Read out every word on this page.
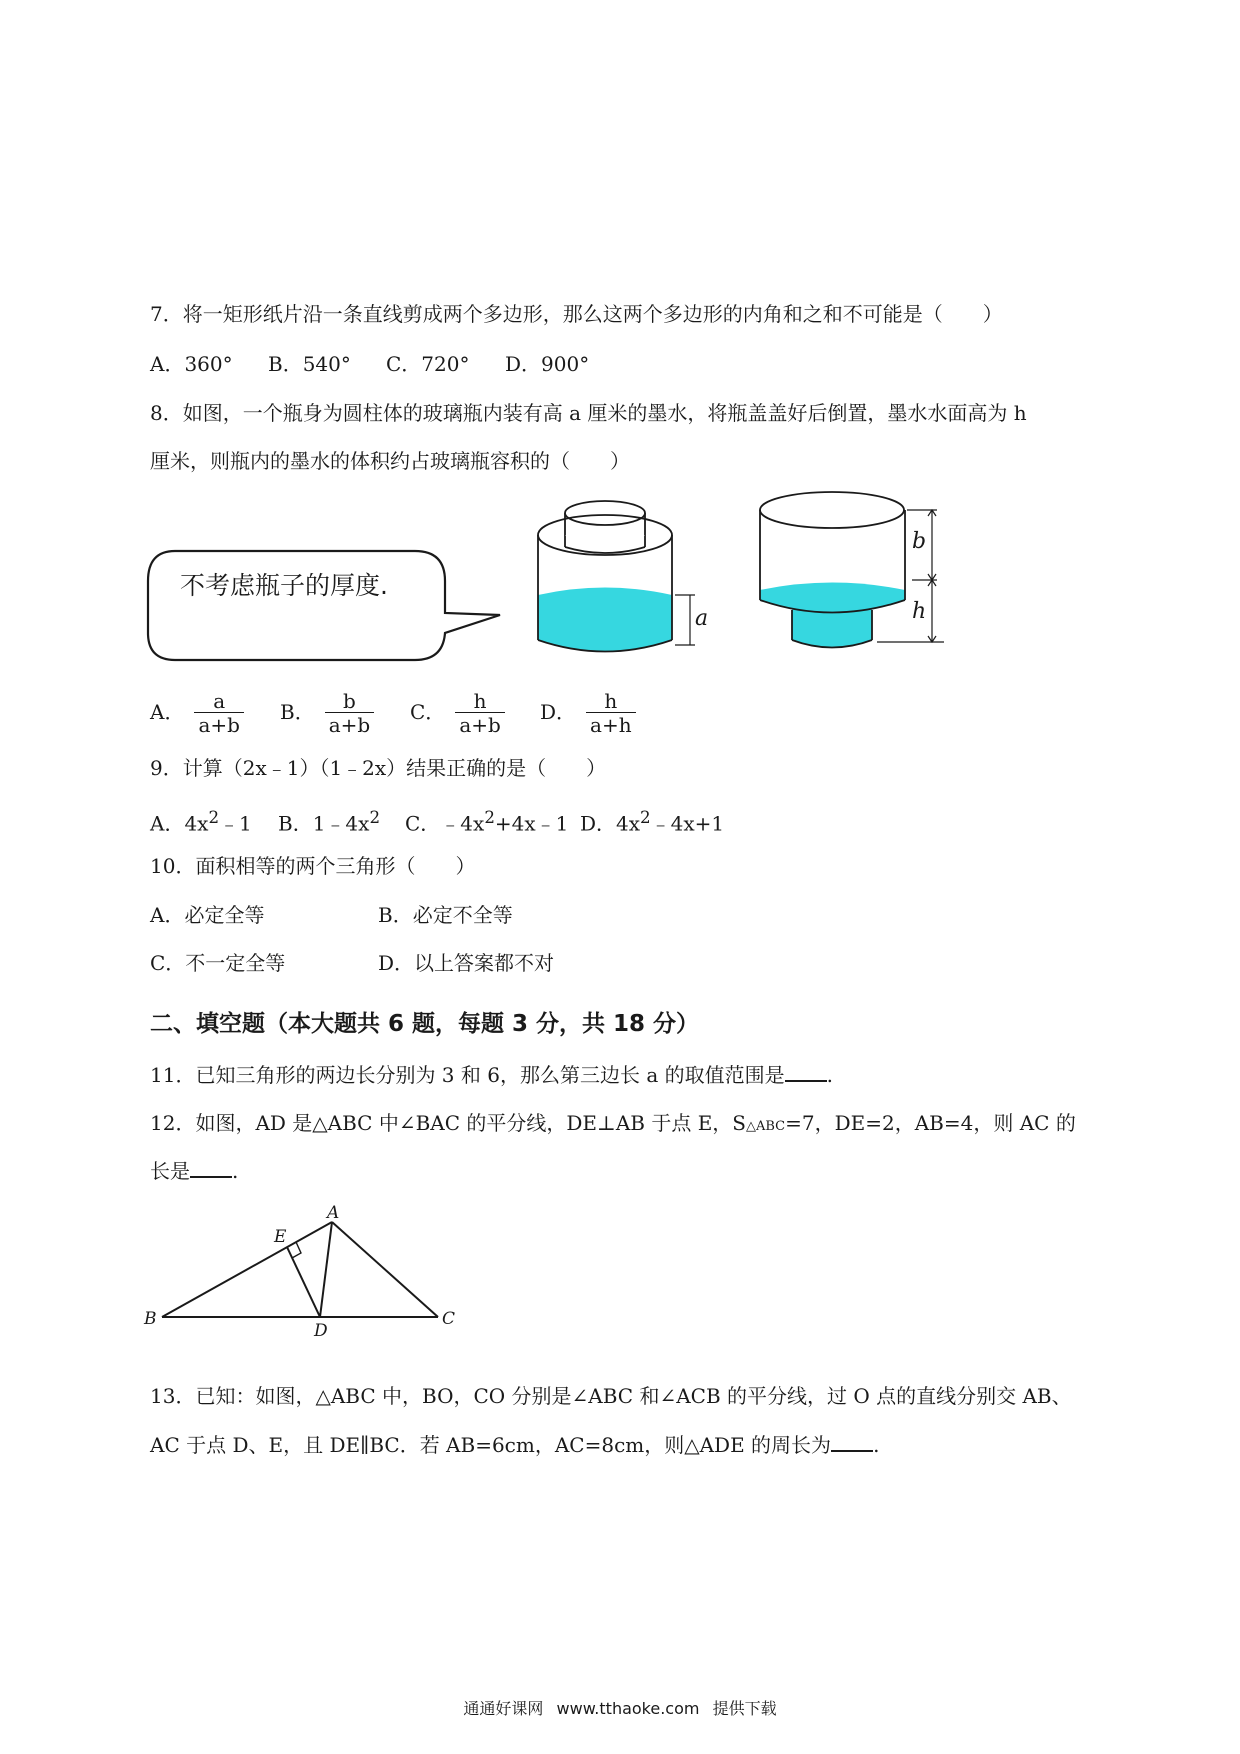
7．将一矩形纸片沿一条直线剪成两个多边形，那么这两个多边形的内角和之和不可能是（　　）
A．360° B．540° C．720° D．900°
8．如图，一个瓶身为圆柱体的玻璃瓶内装有高 a 厘米的墨水，将瓶盖盖好后倒置，墨水水面高为 h
厘米，则瓶内的墨水的体积约占玻璃瓶容积的（　　）
不考虑瓶子的厚度.
a
b
h
A． $\frac{a}{a+b}$ B． $\frac{b}{a+b}$ C． $\frac{h}{a+b}$ D． $\frac{h}{a+h}$
9．计算（2x﹣1）（1﹣2x）结果正确的是（　　）
A．$4x^2﹣1$ B．$1﹣4x^2$ C．$﹣4x^2+4x﹣1$ D．$4x^2﹣4x+1$
10．面积相等的两个三角形（　　）
A．必定全等	B．必定不全等
C．不一定全等	D．以上答案都不对
二、填空题（本大题共 6 题，每题 3 分，共 18 分）
11．已知三角形的两边长分别为 3 和 6，那么第三边长 a 的取值范围是 .
12．如图，AD 是△ABC 中∠BAC 的平分线，DE⊥AB 于点 E，S△ABC=7，DE=2，AB=4，则 AC 的
长是 .
A
E
B
D
C
13．已知：如图，△ABC 中，BO，CO 分别是∠ABC 和∠ACB 的平分线，过 O 点的直线分别交 AB、
AC 于点 D、E，且 DE∥BC．若 AB=6cm，AC=8cm，则△ADE 的周长为 .
通通好课网 www.tthaoke.com 提供下载
